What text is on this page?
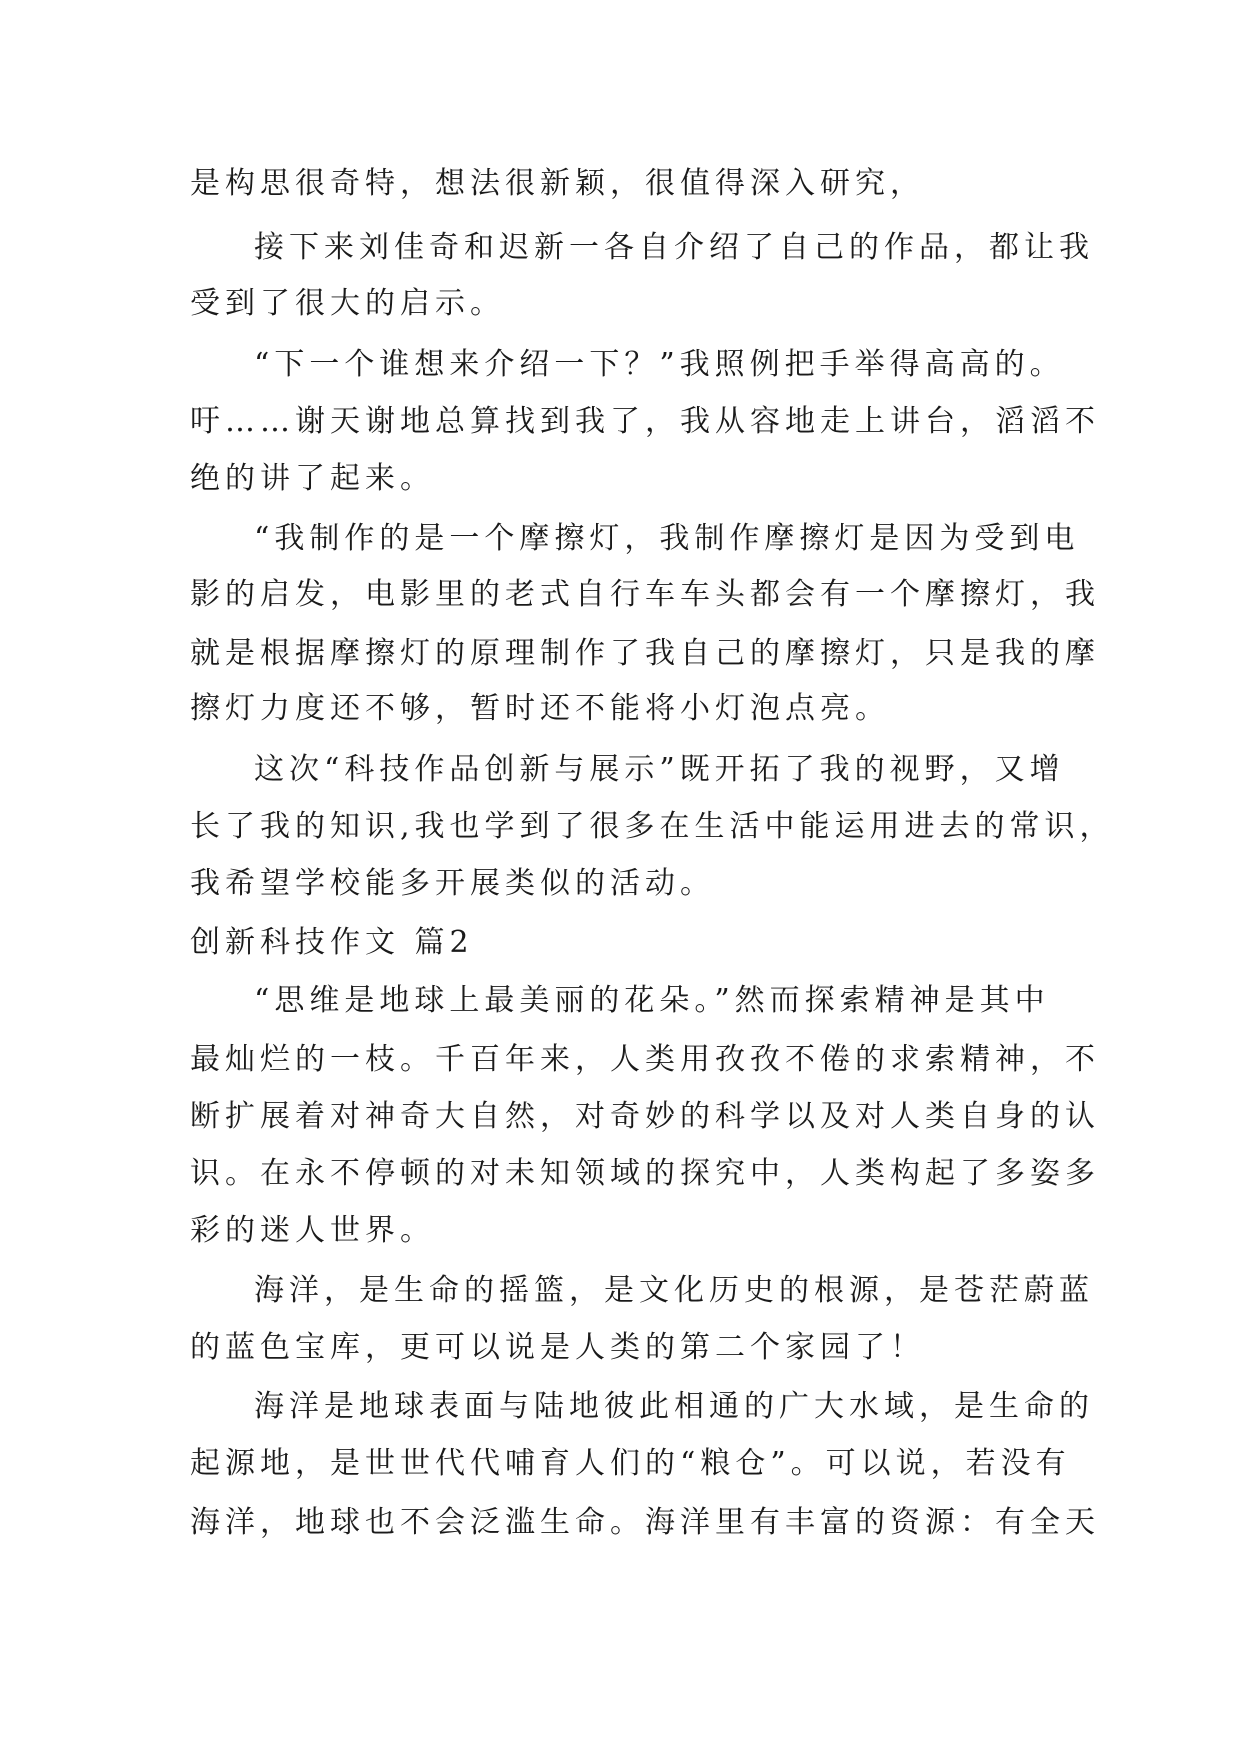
是构思很奇特，想法很新颖，很值得深入研究，
接下来刘佳奇和迟新一各自介绍了自己的作品，都让我
受到了很大的启示。
“下一个谁想来介绍一下？”我照例把手举得高高的。
吁……谢天谢地总算找到我了，我从容地走上讲台，滔滔不
绝的讲了起来。
“我制作的是一个摩擦灯，我制作摩擦灯是因为受到电
影的启发，电影里的老式自行车车头都会有一个摩擦灯，我
就是根据摩擦灯的原理制作了我自己的摩擦灯，只是我的摩
擦灯力度还不够，暂时还不能将小灯泡点亮。
这次“科技作品创新与展示”既开拓了我的视野，又增
长了我的知识,我也学到了很多在生活中能运用进去的常识，
我希望学校能多开展类似的活动。
创新科技作文 篇2
“思维是地球上最美丽的花朵。”然而探索精神是其中
最灿烂的一枝。千百年来，人类用孜孜不倦的求索精神，不
断扩展着对神奇大自然，对奇妙的科学以及对人类自身的认
识。在永不停顿的对未知领域的探究中，人类构起了多姿多
彩的迷人世界。
海洋，是生命的摇篮，是文化历史的根源，是苍茫蔚蓝
的蓝色宝库，更可以说是人类的第二个家园了！
海洋是地球表面与陆地彼此相通的广大水域，是生命的
起源地，是世世代代哺育人们的“粮仓”。可以说，若没有
海洋，地球也不会泛滥生命。海洋里有丰富的资源：有全天
